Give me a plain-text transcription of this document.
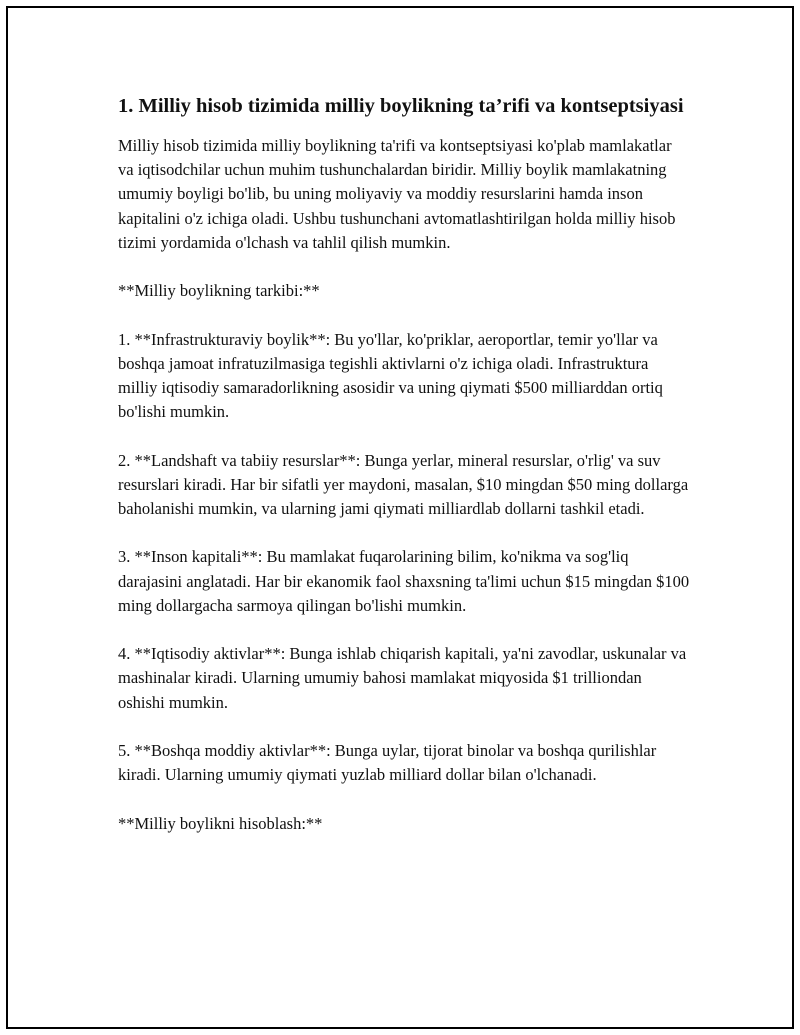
1. Milliy hisob tizimida milliy boylikning ta’rifi va kontseptsiyasi

Milliy hisob tizimida milliy boylikning ta'rifi va kontseptsiyasi ko'plab mamlakatlar va iqtisodchilar uchun muhim tushunchalardan biridir. Milliy boylik mamlakatning umumiy boyligi bo'lib, bu uning moliyaviy va moddiy resurslarini hamda inson kapitalini o'z ichiga oladi. Ushbu tushunchani avtomatlashtirilgan holda milliy hisob tizimi yordamida o'lchash va tahlil qilish mumkin.

**Milliy boylikning tarkibi:**

1. **Infrastrukturaviy boylik**: Bu yo'llar, ko'priklar, aeroportlar, temir yo'llar va boshqa jamoat infratuzilmasiga tegishli aktivlarni o'z ichiga oladi. Infrastruktura milliy iqtisodiy samaradorlikning asosidir va uning qiymati $500 milliarddan ortiq bo'lishi mumkin.

2. **Landshaft va tabiiy resurslar**: Bunga yerlar, mineral resurslar, o'rlig' va suv resurslari kiradi. Har bir sifatli yer maydoni, masalan, $10 mingdan $50 ming dollarga baholanishi mumkin, va ularning jami qiymati milliardlab dollarni tashkil etadi.

3. **Inson kapitali**: Bu mamlakat fuqarolarining bilim, ko'nikma va sog'liq darajasini anglatadi. Har bir ekanomik faol shaxsning ta'limi uchun $15 mingdan $100 ming dollargacha sarmoya qilingan bo'lishi mumkin.

4. **Iqtisodiy aktivlar**: Bunga ishlab chiqarish kapitali, ya'ni zavodlar, uskunalar va mashinalar kiradi. Ularning umumiy bahosi mamlakat miqyosida $1 trilliondan oshishi mumkin.

5. **Boshqa moddiy aktivlar**: Bunga uylar, tijorat binolar va boshqa qurilishlar kiradi. Ularning umumiy qiymati yuzlab milliard dollar bilan o'lchanadi.

**Milliy boylikni hisoblash:**
